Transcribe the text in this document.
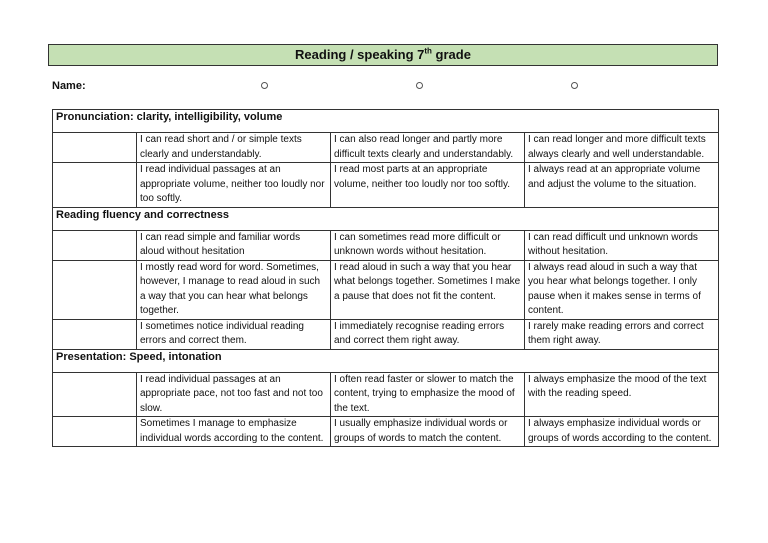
Reading / speaking 7th grade
Name:
Pronunciation: clarity, intelligibility, volume			
	I can read short and / or simple texts clearly and understandably.	I can also read longer and partly more difficult texts clearly and understandably.	I can read longer and more difficult texts always clearly and well understandable.
	I read individual passages at an appropriate volume, neither too loudly nor too softly.	I read most parts at an appropriate volume, neither too loudly nor too softly.	I always read at an appropriate volume and adjust the volume to the situation.
Reading fluency and correctness			
	I can read simple and familiar words aloud without hesitation	I can sometimes read more difficult or unknown words without hesitation.	I can read difficult und unknown words without hesitation.
	I mostly read word for word. Sometimes, however, I manage to read aloud in such a way that you can hear what belongs together.	I read aloud in such a way that you hear what belongs together. Sometimes I make a pause that does not fit the content.	I always read aloud in such a way that you hear what belongs together. I only pause when it makes sense in terms of content.
	I sometimes notice individual reading errors and correct them.	I immediately recognise reading errors and correct them right away.	I rarely make reading errors and correct them right away.
Presentation: Speed, intonation			
	I read individual passages at an appropriate pace, not too fast and not too slow.	I often read faster or slower to match the content, trying to emphasize the mood of the text.	I always emphasize the mood of the text with the reading speed.
	Sometimes I manage to emphasize individual words according to the content.	I usually emphasize individual words or groups of words to match the content.	I always emphasize individual words or groups of words according to the content.
